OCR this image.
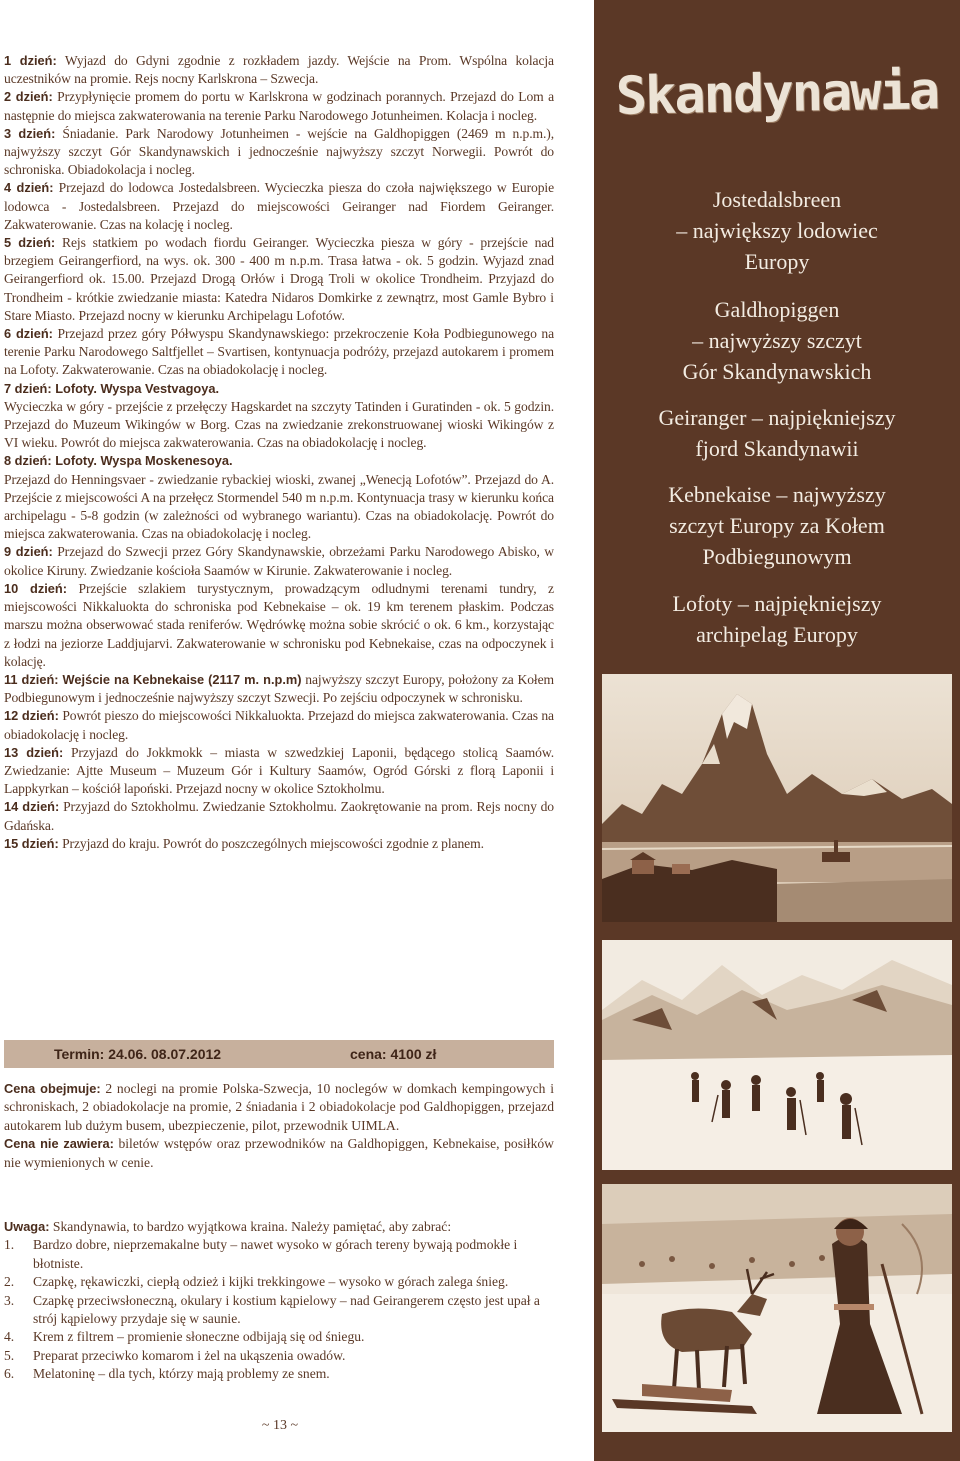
1 dzień: Wyjazd do Gdyni zgodnie z rozkładem jazdy. Wejście na Prom. Wspólna kolacja uczestników na promie. Rejs nocny Karlskrona – Szwecja.

2 dzień: Przypłynięcie promem do portu w Karlskrona w godzinach porannych. Przejazd do Lom a następnie do miejsca zakwaterowania na terenie Parku Narodowego Jotunheimen. Kolacja i nocleg.

3 dzień: Śniadanie. Park Narodowy Jotunheimen - wejście na Galdhopiggen (2469 m n.p.m.), najwyższy szczyt Gór Skandynawskich i jednocześnie najwyższy szczyt Norwegii. Powrót do schroniska. Obiadokolacja i nocleg.

4 dzień: Przejazd do lodowca Jostedalsbreen. Wycieczka piesza do czoła największego w Europie lodowca - Jostedalsbreen. Przejazd do miejscowości Geiranger nad Fiordem Geiranger. Zakwaterowanie. Czas na kolację i nocleg.

5 dzień: Rejs statkiem po wodach fiordu Geiranger. Wycieczka piesza w góry - przejście nad brzegiem Geirangerfiord, na wys. ok. 300 - 400 m n.p.m. Trasa łatwa - ok. 5 godzin. Wyjazd znad Geirangerfiord ok. 15.00. Przejazd Drogą Orłów i Drogą Troli w okolice Trondheim. Przyjazd do Trondheim - krótkie zwiedzanie miasta: Katedra Nidaros Domkirke z zewnątrz, most Gamle Bybro i Stare Miasto. Przejazd nocny w kierunku Archipelagu Lofotów.

6 dzień: Przejazd przez góry Półwyspu Skandynawskiego: przekroczenie Koła Podbiegunowego na terenie Parku Narodowego Saltfjellet – Svartisen, kontynuacja podróży, przejazd autokarem i promem na Lofoty. Zakwaterowanie. Czas na obiadokolację i nocleg.

7 dzień: Lofoty. Wyspa Vestvagoya.

Wycieczka w góry - przejście z przełęczy Hagskardet na szczyty Tatinden i Guratinden - ok. 5 godzin. Przejazd do Muzeum Wikingów w Borg. Czas na zwiedzanie zrekonstruowanej wioski Wikingów z VI wieku. Powrót do miejsca zakwaterowania. Czas na obiadokolację i nocleg.

8 dzień: Lofoty. Wyspa Moskenesoya.

Przejazd do Henningsvaer - zwiedzanie rybackiej wioski, zwanej „Wenecją Lofotów”. Przejazd do A. Przejście z miejscowości A na przełęcz Stormendel 540 m n.p.m. Kontynuacja trasy w kierunku końca archipelagu - 5-8 godzin (w zależności od wybranego wariantu). Czas na obiadokolację. Powrót do miejsca zakwaterowania. Czas na obiadokolację i nocleg.

9 dzień: Przejazd do Szwecji przez Góry Skandynawskie, obrzeżami Parku Narodowego Abisko, w okolice Kiruny. Zwiedzanie kościoła Saamów w Kirunie. Zakwaterowanie i nocleg.

10 dzień: Przejście szlakiem turystycznym, prowadzącym odludnymi terenami tundry, z miejscowości Nikkaluokta do schroniska pod Kebnekaise – ok. 19 km terenem płaskim. Podczas marszu można obserwować stada reniferów. Wędrówkę można sobie skrócić o ok. 6 km., korzystając z łodzi na jeziorze Laddjujarvi. Zakwaterowanie w schronisku pod Kebnekaise, czas na odpoczynek i kolację.

11 dzień: Wejście na Kebnekaise (2117 m. n.p.m) najwyższy szczyt Europy, położony za Kołem Podbiegunowym i jednocześnie najwyższy szczyt Szwecji. Po zejściu odpoczynek w schronisku.

12 dzień: Powrót pieszo do miejscowości Nikkaluokta. Przejazd do miejsca zakwaterowania. Czas na obiadokolację i nocleg.

13 dzień: Przyjazd do Jokkmokk – miasta w szwedzkiej Laponii, będącego stolicą Saamów. Zwiedzanie: Ajtte Museum – Muzeum Gór i Kultury Saamów, Ogród Górski z florą Laponii i Lappkyrkan – kościół lapoński. Przejazd nocny w okolice Sztokholmu.

14 dzień: Przyjazd do Sztokholmu. Zwiedzanie Sztokholmu. Zaokrętowanie na prom. Rejs nocny do Gdańska.

15 dzień: Przyjazd do kraju. Powrót do poszczególnych miejscowości zgodnie z planem.

Termin: 24.06. 08.07.2012	cena: 4100 zł

Cena obejmuje: 2 noclegi na promie Polska-Szwecja, 10 noclegów w domkach kempingowych i schroniskach, 2 obiadokolacje na promie, 2 śniadania i 2 obiadokolacje pod Galdhopiggen, przejazd autokarem lub dużym busem, ubezpieczenie, pilot, przewodnik UIMLA.

Cena nie zawiera: biletów wstępów oraz przewodników na Galdhopiggen, Kebnekaise, posiłków nie wymienionych w cenie.

Uwaga: Skandynawia, to bardzo wyjątkowa kraina. Należy pamiętać, aby zabrać:

1. Bardzo dobre, nieprzemakalne buty – nawet wysoko w górach tereny bywają podmokłe i błotniste.
2. Czapkę, rękawiczki, ciepłą odzież i kijki trekkingowe – wysoko w górach zalega śnieg.
3. Czapkę przeciwsłoneczną, okulary i kostium kąpielowy – nad Geirangerem często jest upał a strój kąpielowy przydaje się w saunie.
4. Krem z filtrem – promienie słoneczne odbijają się od śniegu.
5. Preparat przeciwko komarom i żel na ukąszenia owadów.
6. Melatoninę – dla tych, którzy mają problemy ze snem.
~ 13 ~
Skandynawia
Jostedalsbreen
– największy lodowiec
Europy
Galdhopiggen
– najwyższy szczyt
Gór Skandynawskich
Geiranger – najpiękniejszy
fjord Skandynawii
Kebnekaise – najwyższy
szczyt Europy za Kołem
Podbiegunowym
Lofoty – najpiękniejszy
archipelag Europy
